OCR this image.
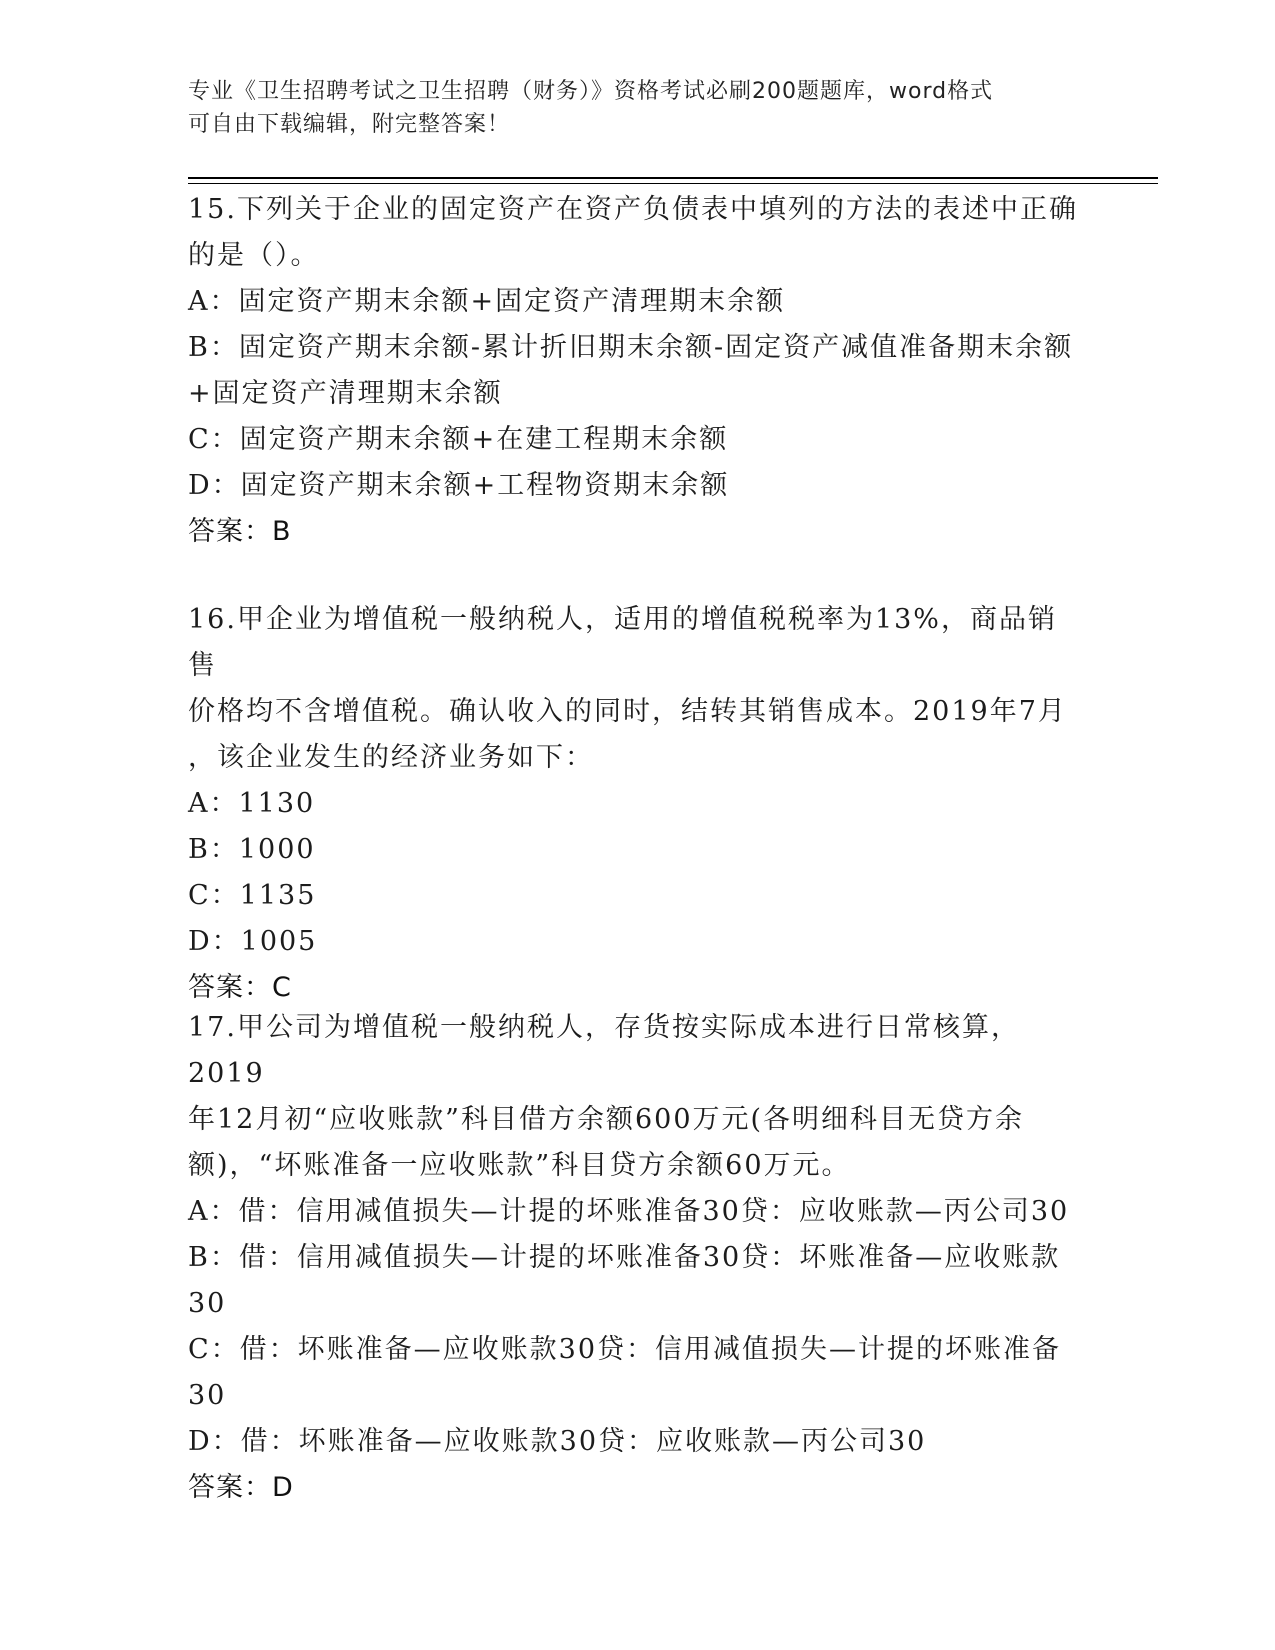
专业《卫生招聘考试之卫生招聘（财务）》资格考试必刷200题题库，word格式
可自由下载编辑，附完整答案！

15.下列关于企业的固定资产在资产负债表中填列的方法的表述中正确

的是（）。

A：固定资产期末余额+固定资产清理期末余额

B：固定资产期末余额-累计折旧期末余额-固定资产减值准备期末余额

+固定资产清理期末余额

C：固定资产期末余额+在建工程期末余额

D：固定资产期末余额+工程物资期末余额

答案：B

16.甲企业为增值税一般纳税人，适用的增值税税率为13%，商品销售

价格均不含增值税。确认收入的同时，结转其销售成本。2019年7月

，该企业发生的经济业务如下：

A：1130

B：1000

C：1135

D：1005

答案：C

17.甲公司为增值税一般纳税人，存货按实际成本进行日常核算，2019

年12月初“应收账款”科目借方余额600万元(各明细科目无贷方余

额)，“坏账准备一应收账款”科目贷方余额60万元。

A：借：信用减值损失—计提的坏账准备30贷：应收账款—丙公司30

B：借：信用减值损失—计提的坏账准备30贷：坏账准备—应收账款

30

C：借：坏账准备—应收账款30贷：信用减值损失—计提的坏账准备

30

D：借：坏账准备—应收账款30贷：应收账款—丙公司30

答案：D
